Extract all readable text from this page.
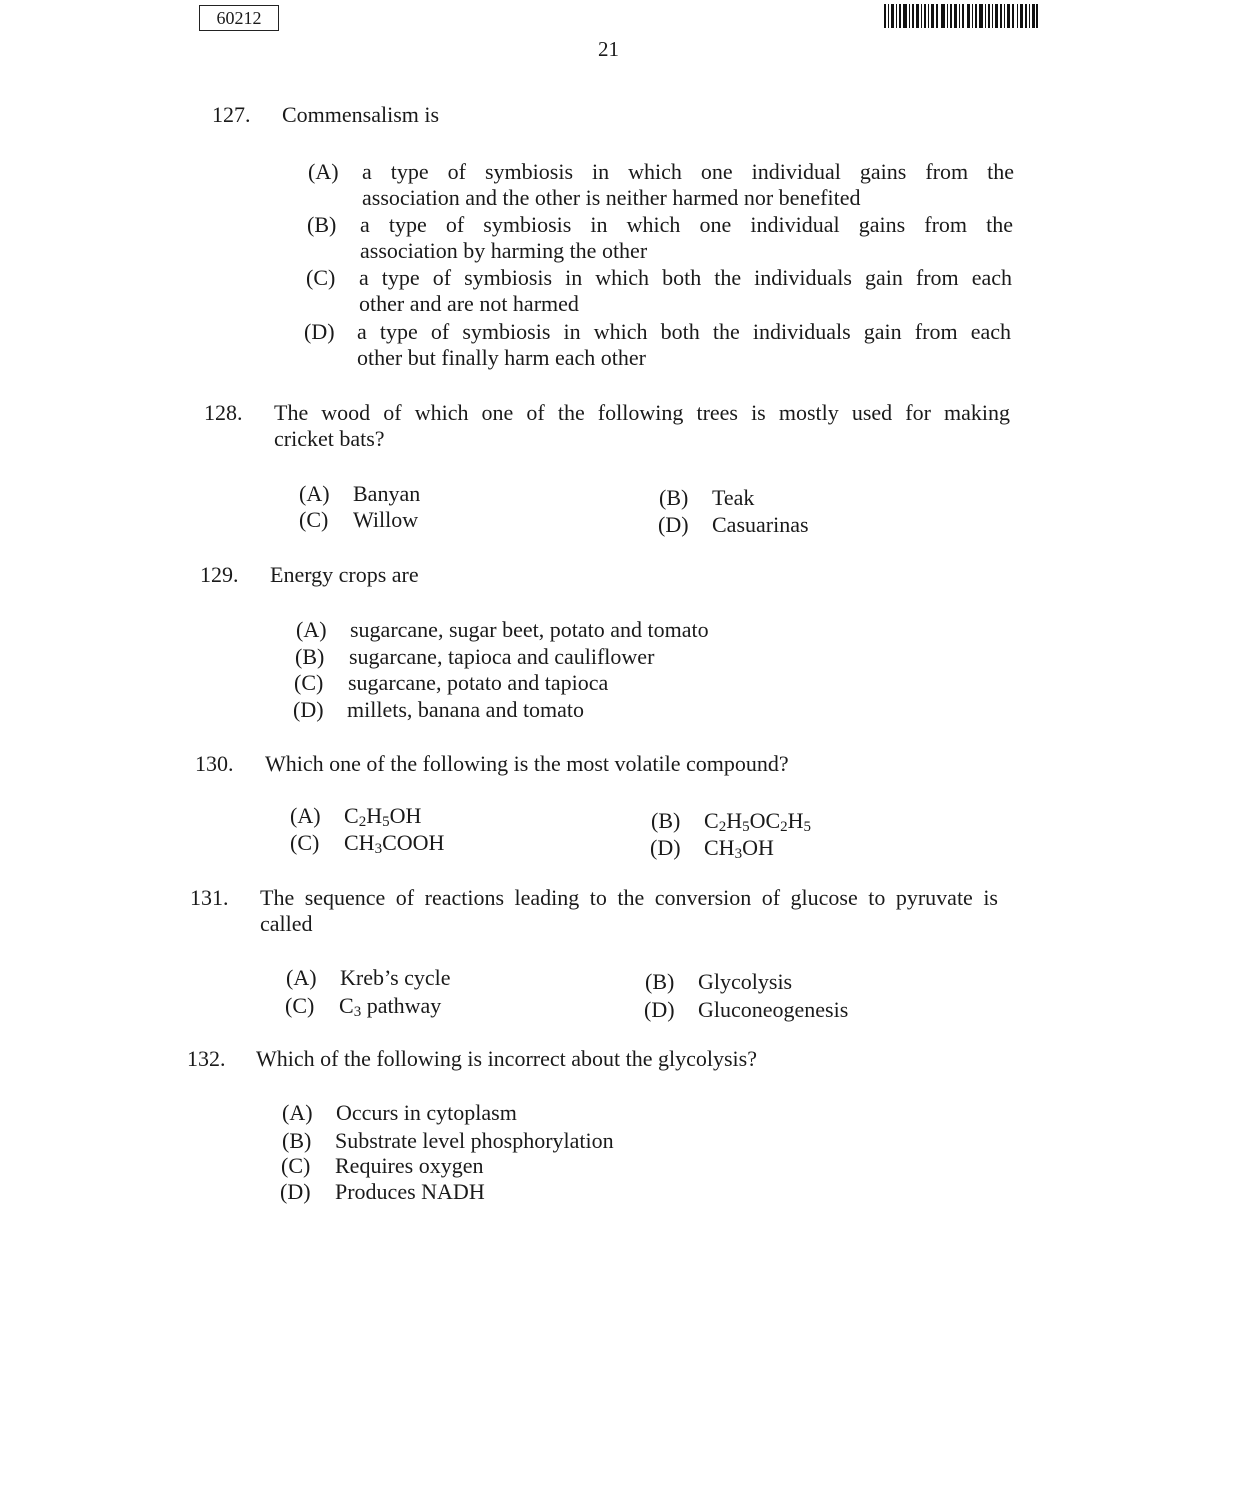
60212
21
127. Commensalism is
(A) a type of symbiosis in which one individual gains from the
association and the other is neither harmed nor benefited
(B) a type of symbiosis in which one individual gains from the
association by harming the other
(C) a type of symbiosis in which both the individuals gain from each
other and are not harmed
(D) a type of symbiosis in which both the individuals gain from each
other but finally harm each other
128. The wood of which one of the following trees is mostly used for making
cricket bats?
(A) Banyan	(B) Teak
(C) Willow	(D) Casuarinas
129. Energy crops are
(A) sugarcane, sugar beet, potato and tomato
(B) sugarcane, tapioca and cauliflower
(C) sugarcane, potato and tapioca
(D) millets, banana and tomato
130. Which one of the following is the most volatile compound?
(A) $C_2H_5OH$	(B) $C_2H_5OC_2H_5$
(C) $CH_3COOH$	(D) $CH_3OH$
131. The sequence of reactions leading to the conversion of glucose to pyruvate is
called
(A) Kreb’s cycle	(B) Glycolysis
(C) $C_3$ pathway	(D) Gluconeogenesis
132. Which of the following is incorrect about the glycolysis?
(A) Occurs in cytoplasm
(B) Substrate level phosphorylation
(C) Requires oxygen
(D) Produces NADH
